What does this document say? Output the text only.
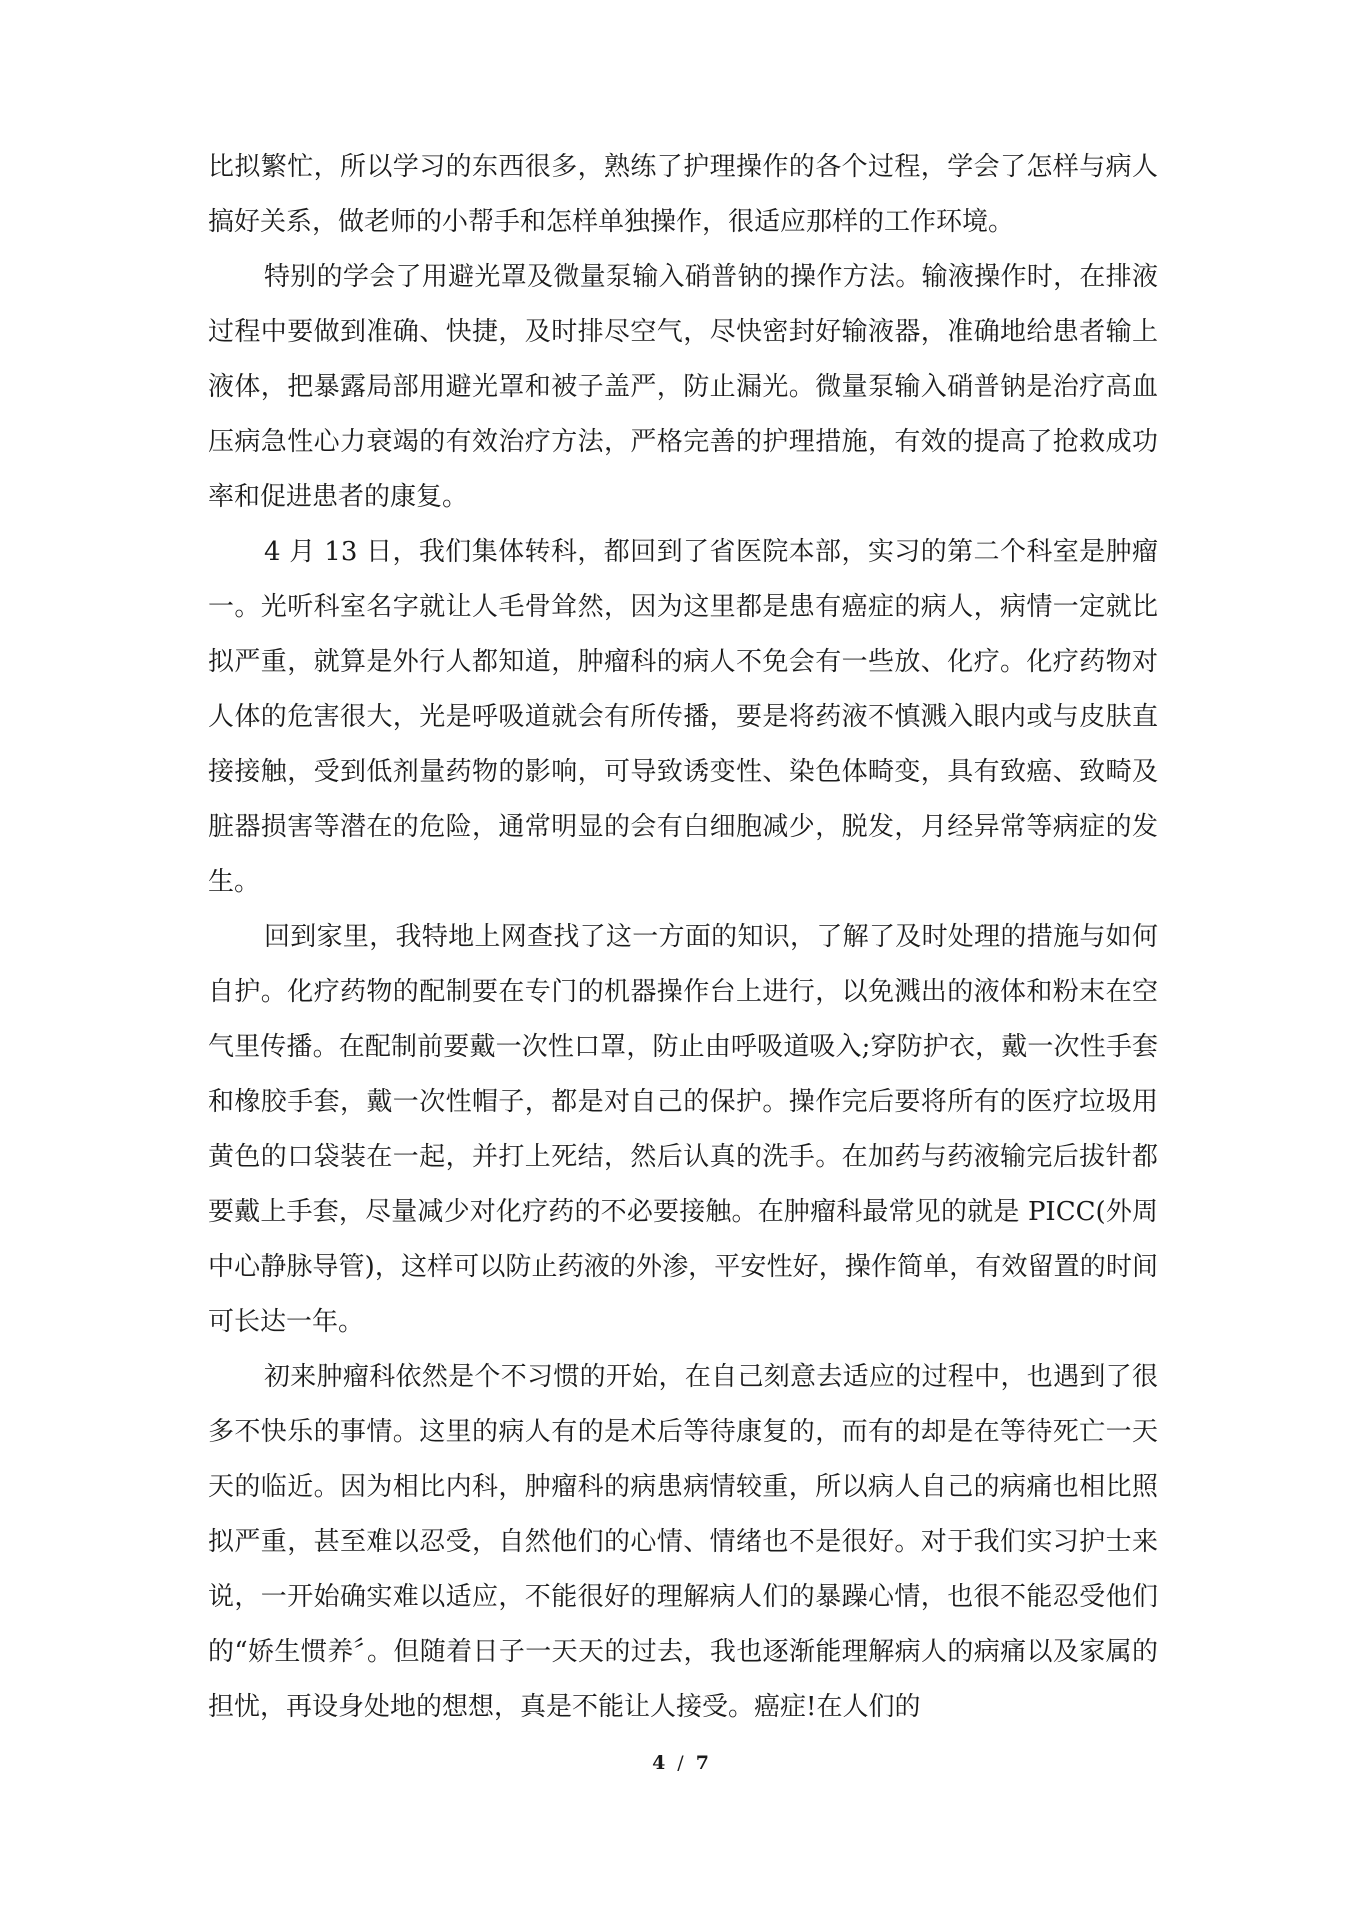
比拟繁忙，所以学习的东西很多，熟练了护理操作的各个过程，学会了怎样与病人搞好关系，做老师的小帮手和怎样单独操作，很适应那样的工作环境。

特别的学会了用避光罩及微量泵输入硝普钠的操作方法。输液操作时，在排液过程中要做到准确、快捷，及时排尽空气，尽快密封好输液器，准确地给患者输上液体，把暴露局部用避光罩和被子盖严，防止漏光。微量泵输入硝普钠是治疗高血压病急性心力衰竭的有效治疗方法，严格完善的护理措施，有效的提高了抢救成功率和促进患者的康复。

4 月 13 日，我们集体转科，都回到了省医院本部，实习的第二个科室是肿瘤一。光听科室名字就让人毛骨耸然，因为这里都是患有癌症的病人，病情一定就比拟严重，就算是外行人都知道，肿瘤科的病人不免会有一些放、化疗。化疗药物对人体的危害很大，光是呼吸道就会有所传播，要是将药液不慎溅入眼内或与皮肤直接接触，受到低剂量药物的影响，可导致诱变性、染色体畸变，具有致癌、致畸及脏器损害等潜在的危险，通常明显的会有白细胞减少，脱发，月经异常等病症的发生。

回到家里，我特地上网查找了这一方面的知识，了解了及时处理的措施与如何自护。化疗药物的配制要在专门的机器操作台上进行，以免溅出的液体和粉末在空气里传播。在配制前要戴一次性口罩，防止由呼吸道吸入;穿防护衣，戴一次性手套和橡胶手套，戴一次性帽子，都是对自己的保护。操作完后要将所有的医疗垃圾用黄色的口袋装在一起，并打上死结，然后认真的洗手。在加药与药液输完后拔针都要戴上手套，尽量减少对化疗药的不必要接触。在肿瘤科最常见的就是 PICC(外周中心静脉导管)，这样可以防止药液的外渗，平安性好，操作简单，有效留置的时间可长达一年。

初来肿瘤科依然是个不习惯的开始，在自己刻意去适应的过程中，也遇到了很多不快乐的事情。这里的病人有的是术后等待康复的，而有的却是在等待死亡一天天的临近。因为相比内科，肿瘤科的病患病情较重，所以病人自己的病痛也相比照拟严重，甚至难以忍受，自然他们的心情、情绪也不是很好。对于我们实习护士来说，一开始确实难以适应，不能很好的理解病人们的暴躁心情，也很不能忍受他们的“娇生惯养〞。但随着日子一天天的过去，我也逐渐能理解病人的病痛以及家属的担忧，再设身处地的想想，真是不能让人接受。癌症!在人们的

4 / 7
